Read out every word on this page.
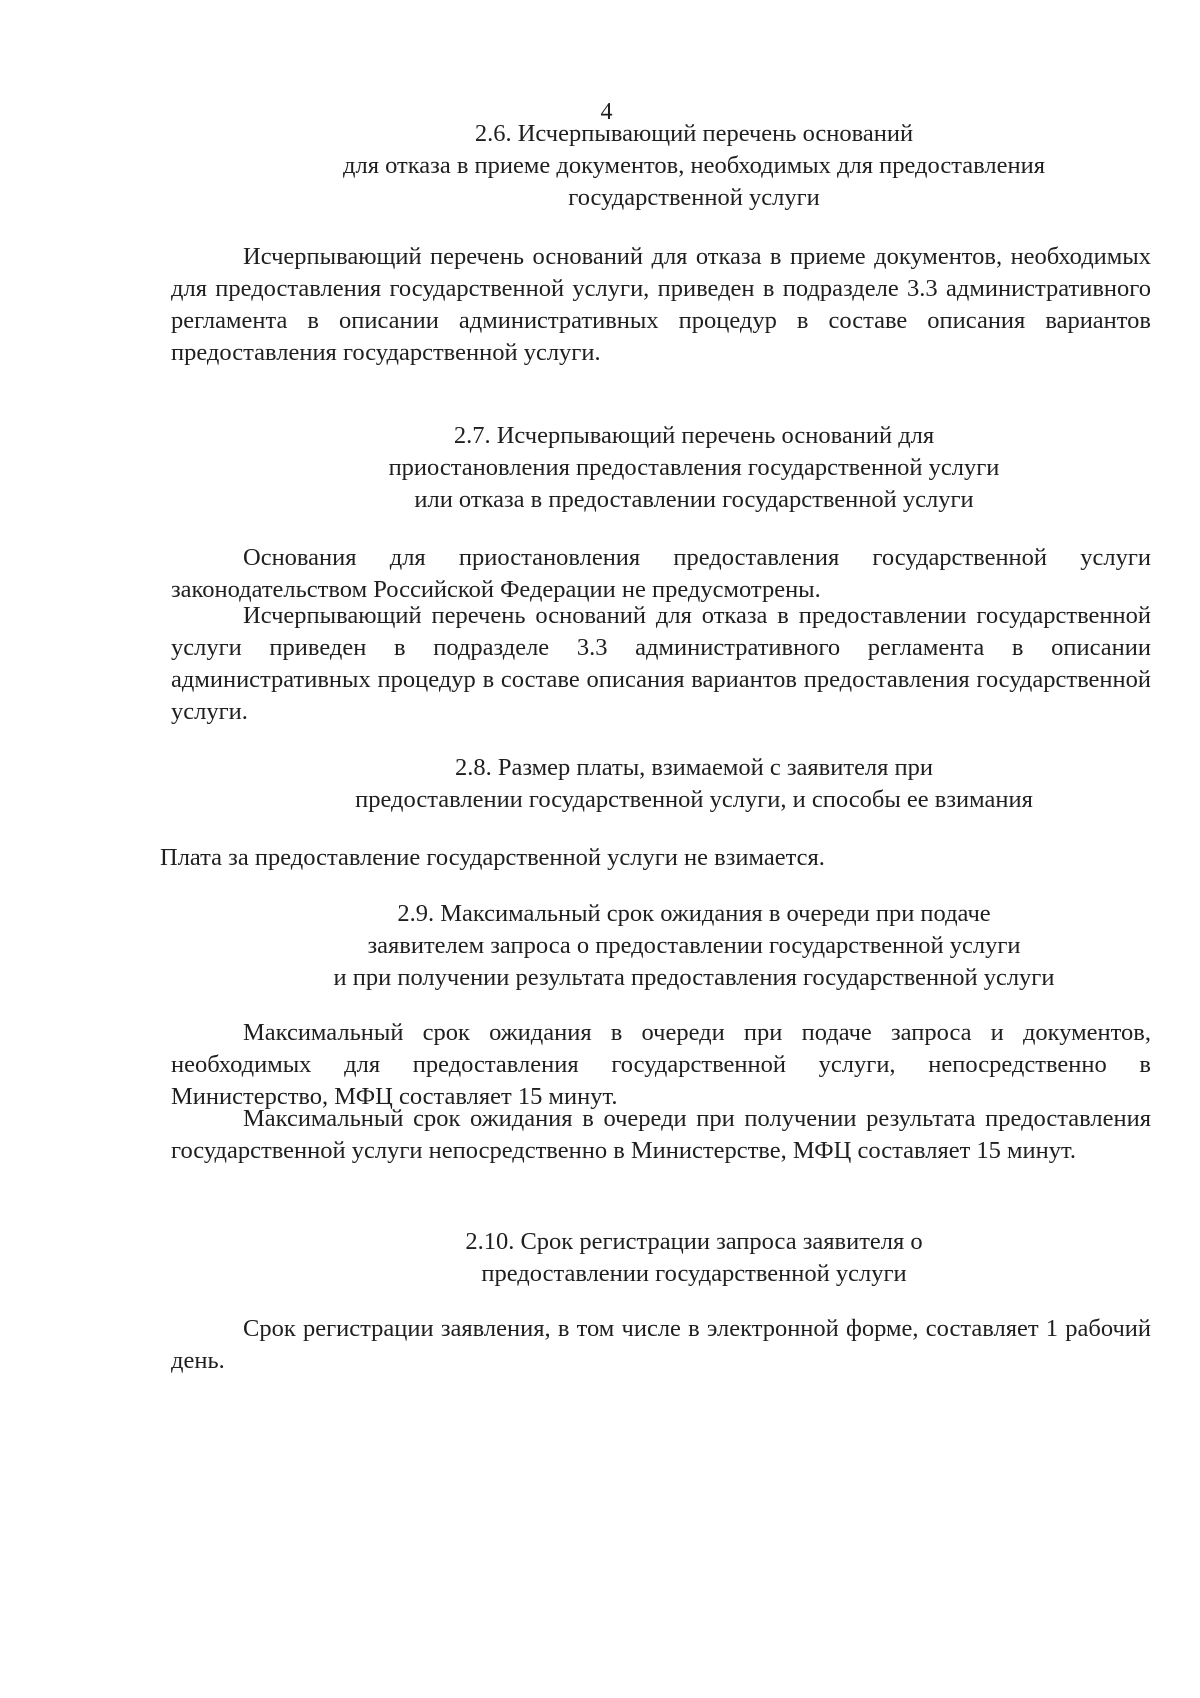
4
2.6. Исчерпывающий перечень оснований
для отказа в приеме документов, необходимых для предоставления
государственной услуги

Исчерпывающий перечень оснований для отказа в приеме документов, необходимых для предоставления государственной услуги, приведен в подразделе 3.3 административного регламента в описании административных процедур в составе описания вариантов предоставления государственной услуги.

2.7. Исчерпывающий перечень оснований для
приостановления предоставления государственной услуги
или отказа в предоставлении государственной услуги

Основания для приостановления предоставления государственной услуги законодательством Российской Федерации не предусмотрены.

Исчерпывающий перечень оснований для отказа в предоставлении государственной услуги приведен в подразделе 3.3 административного регламента в описании административных процедур в составе описания вариантов предоставления государственной услуги.

2.8. Размер платы, взимаемой с заявителя при
предоставлении государственной услуги, и способы ее взимания

Плата за предоставление государственной услуги не взимается.

2.9. Максимальный срок ожидания в очереди при подаче
заявителем запроса о предоставлении государственной услуги
и при получении результата предоставления государственной услуги

Максимальный срок ожидания в очереди при подаче запроса и документов, необходимых для предоставления государственной услуги, непосредственно в Министерство, МФЦ составляет 15 минут.

Максимальный срок ожидания в очереди при получении результата предоставления государственной услуги непосредственно в Министерстве, МФЦ составляет 15 минут.

2.10. Срок регистрации запроса заявителя о
предоставлении государственной услуги

Срок регистрации заявления, в том числе в электронной форме, составляет 1 рабочий день.
